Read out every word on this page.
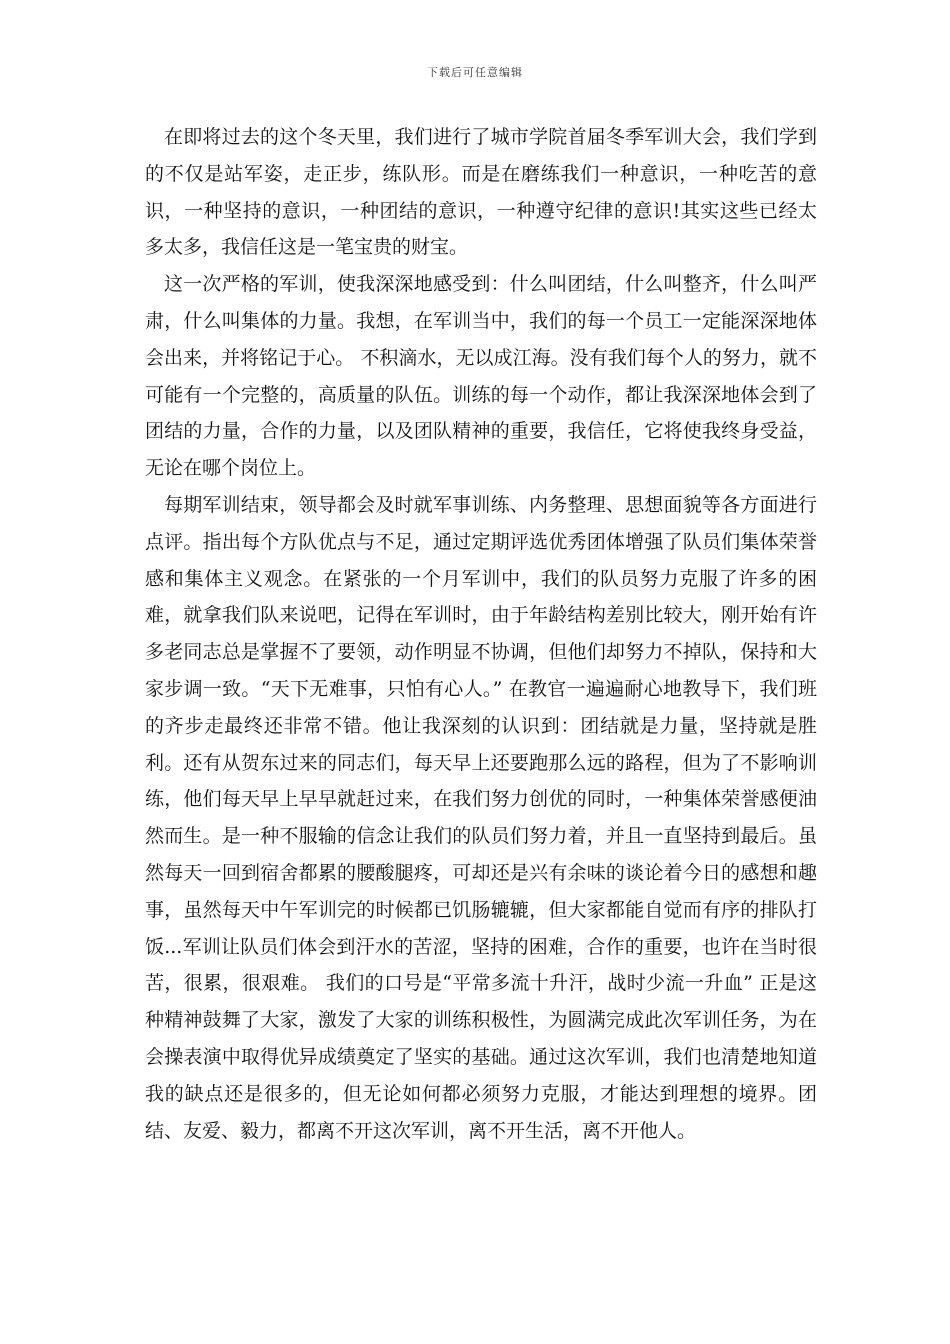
下载后可任意编辑

在即将过去的这个冬天里，我们进行了城市学院首届冬季军训大会，我们学到的不仅是站军姿，走正步，练队形。而是在磨练我们一种意识，一种吃苦的意识，一种坚持的意识，一种团结的意识，一种遵守纪律的意识!其实这些已经太多太多，我信任这是一笔宝贵的财宝。

这一次严格的军训，使我深深地感受到：什么叫团结，什么叫整齐，什么叫严肃，什么叫集体的力量。我想，在军训当中，我们的每一个员工一定能深深地体会出来，并将铭记于心。 不积滴水，无以成江海。没有我们每个人的努力，就不可能有一个完整的，高质量的队伍。训练的每一个动作，都让我深深地体会到了团结的力量，合作的力量，以及团队精神的重要，我信任，它将使我终身受益，无论在哪个岗位上。

每期军训结束，领导都会及时就军事训练、内务整理、思想面貌等各方面进行点评。指出每个方队优点与不足，通过定期评选优秀团体增强了队员们集体荣誉感和集体主义观念。在紧张的一个月军训中，我们的队员努力克服了许多的困难，就拿我们队来说吧，记得在军训时，由于年龄结构差别比较大，刚开始有许多老同志总是掌握不了要领，动作明显不协调，但他们却努力不掉队，保持和大家步调一致。“天下无难事，只怕有心人。” 在教官一遍遍耐心地教导下，我们班的齐步走最终还非常不错。他让我深刻的认识到：团结就是力量，坚持就是胜利。还有从贺东过来的同志们，每天早上还要跑那么远的路程，但为了不影响训练，他们每天早上早早就赶过来，在我们努力创优的同时，一种集体荣誉感便油然而生。是一种不服输的信念让我们的队员们努力着，并且一直坚持到最后。虽然每天一回到宿舍都累的腰酸腿疼，可却还是兴有余味的谈论着今日的感想和趣事，虽然每天中午军训完的时候都已饥肠辘辘，但大家都能自觉而有序的排队打饭...军训让队员们体会到汗水的苦涩，坚持的困难，合作的重要，也许在当时很苦，很累，很艰难。 我们的口号是“平常多流十升汗，战时少流一升血” 正是这种精神鼓舞了大家，激发了大家的训练积极性，为圆满完成此次军训任务，为在会操表演中取得优异成绩奠定了坚实的基础。通过这次军训，我们也清楚地知道我的缺点还是很多的，但无论如何都必须努力克服，才能达到理想的境界。团结、友爱、毅力，都离不开这次军训，离不开生活，离不开他人。
